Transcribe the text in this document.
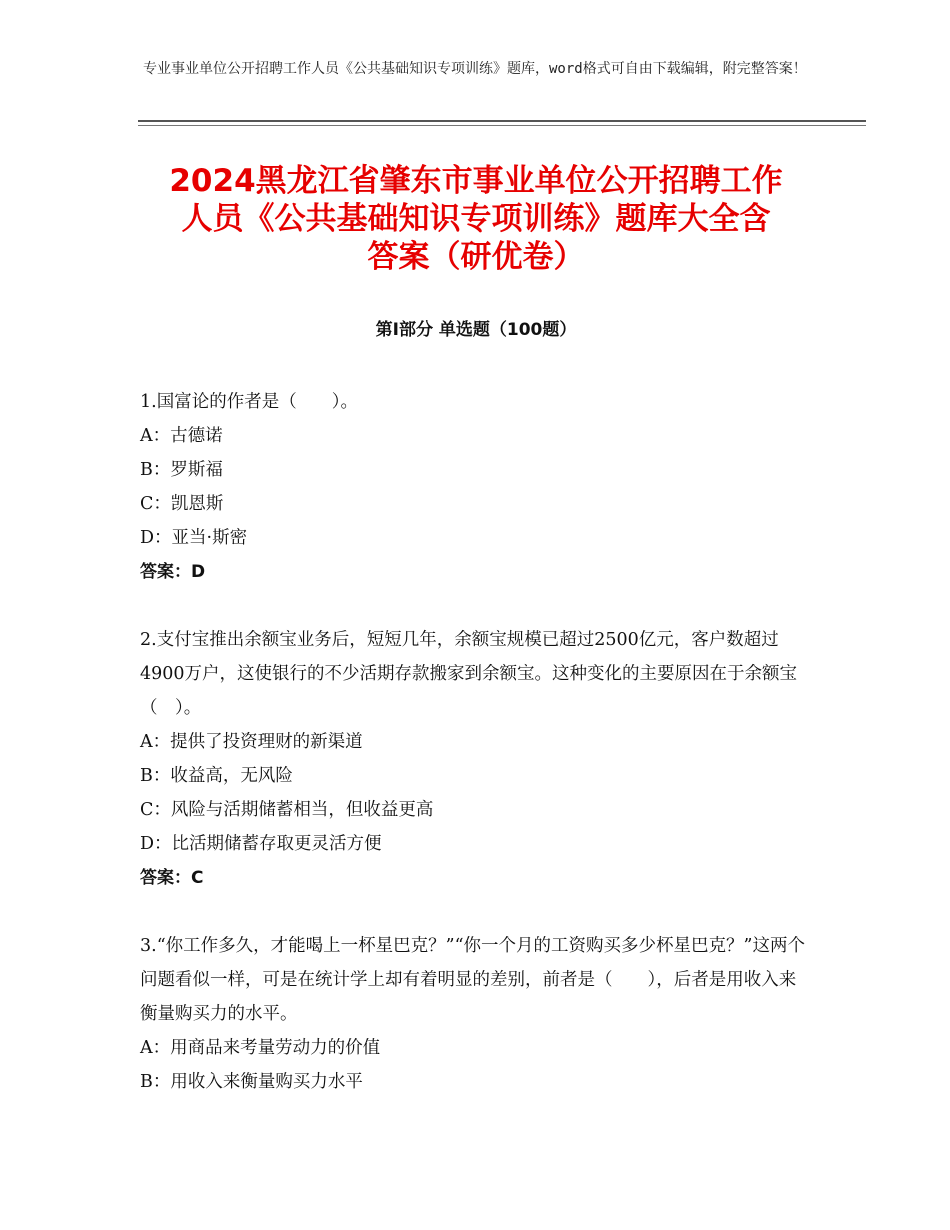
专业事业单位公开招聘工作人员《公共基础知识专项训练》题库，word格式可自由下载编辑，附完整答案！
2024黑龙江省肇东市事业单位公开招聘工作
人员《公共基础知识专项训练》题库大全含
答案（研优卷）
第Ⅰ部分 单选题（100题）
1.国富论的作者是（　　）。
A：古德诺
B：罗斯福
C：凯恩斯
D：亚当·斯密
答案：D
2.支付宝推出余额宝业务后，短短几年，余额宝规模已超过2500亿元，客户数超过4900万户，这使银行的不少活期存款搬家到余额宝。这种变化的主要原因在于余额宝（　）。
A：提供了投资理财的新渠道
B：收益高，无风险
C：风险与活期储蓄相当，但收益更高
D：比活期储蓄存取更灵活方便
答案：C
3.“你工作多久，才能喝上一杯星巴克？”“你一个月的工资购买多少杯星巴克？”这两个问题看似一样，可是在统计学上却有着明显的差别，前者是（　　），后者是用收入来衡量购买力的水平。
A：用商品来考量劳动力的价值
B：用收入来衡量购买力水平
